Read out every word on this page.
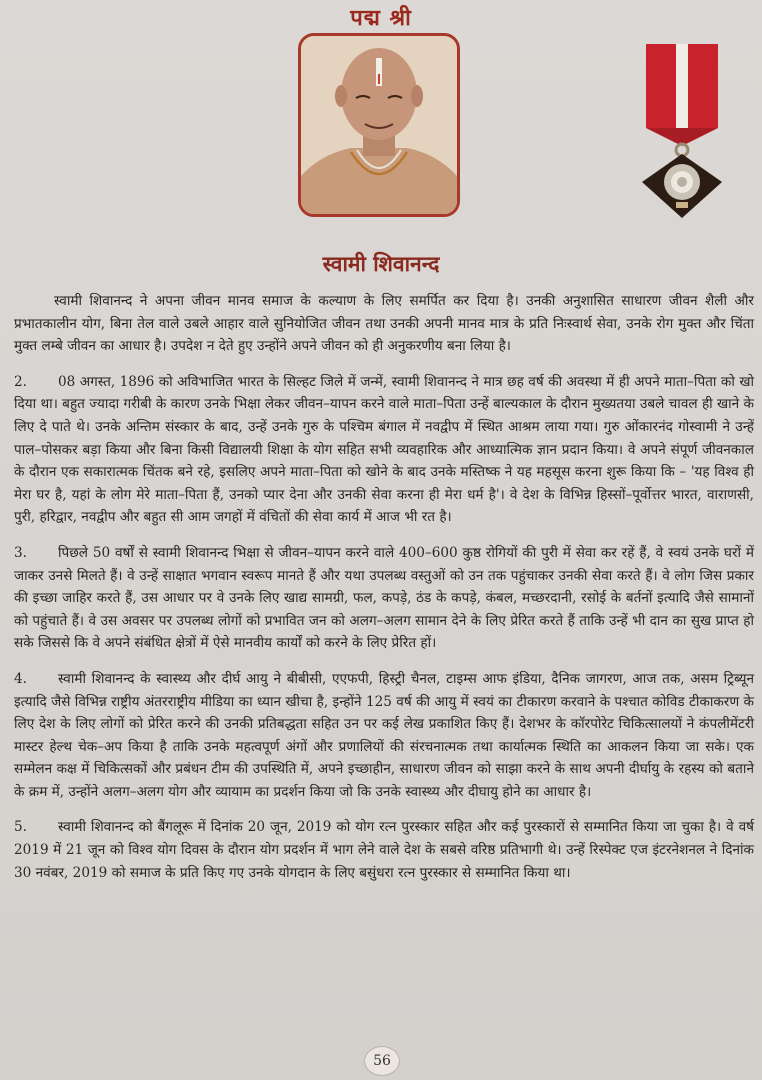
पद्म श्री
स्वामी शिवानन्द

स्वामी शिवानन्द ने अपना जीवन मानव समाज के कल्याण के लिए समर्पित कर दिया है। उनकी अनुशासित साधारण जीवन शैली और प्रभातकालीन योग, बिना तेल वाले उबले आहार वाले सुनियोजित जीवन तथा उनकी अपनी मानव मात्र के प्रति निःस्वार्थ सेवा, उनके रोग मुक्त और चिंता मुक्त लम्बे जीवन का आधार है। उपदेश न देते हुए उन्होंने अपने जीवन को ही अनुकरणीय बना लिया है।

2. 08 अगस्त, 1896 को अविभाजित भारत के सिल्हट जिले में जन्में, स्वामी शिवानन्द ने मात्र छह वर्ष की अवस्था में ही अपने माता–पिता को खो दिया था। बहुत ज्यादा गरीबी के कारण उनके भिक्षा लेकर जीवन–यापन करने वाले माता–पिता उन्हें बाल्यकाल के दौरान मुख्यतया उबले चावल ही खाने के लिए दे पाते थे। उनके अन्तिम संस्कार के बाद, उन्हें उनके गुरु के पश्चिम बंगाल में नवद्वीप में स्थित आश्रम लाया गया। गुरु ओंकारनंद गोस्वामी ने उन्हें पाल–पोसकर बड़ा किया और बिना किसी विद्यालयी शिक्षा के योग सहित सभी व्यवहारिक और आध्यात्मिक ज्ञान प्रदान किया। वे अपने संपूर्ण जीवनकाल के दौरान एक सकारात्मक चिंतक बने रहे, इसलिए अपने माता–पिता को खोने के बाद उनके मस्तिष्क ने यह महसूस करना शुरू किया कि – 'यह विश्व ही मेरा घर है, यहां के लोग मेरे माता–पिता हैं, उनको प्यार देना और उनकी सेवा करना ही मेरा धर्म है'। वे देश के विभिन्न हिस्सों–पूर्वोत्तर भारत, वाराणसी, पुरी, हरिद्वार, नवद्वीप और बहुत सी आम जगहों में वंचितों की सेवा कार्य में आज भी रत है।

3. पिछले 50 वर्षों से स्वामी शिवानन्द भिक्षा से जीवन–यापन करने वाले 400–600 कुष्ठ रोगियों की पुरी में सेवा कर रहें हैं, वे स्वयं उनके घरों में जाकर उनसे मिलते हैं। वे उन्हें साक्षात भगवान स्वरूप मानते हैं और यथा उपलब्ध वस्तुओं को उन तक पहुंचाकर उनकी सेवा करते हैं। वे लोग जिस प्रकार की इच्छा जाहिर करते हैं, उस आधार पर वे उनके लिए खाद्य सामग्री, फल, कपड़े, ठंड के कपड़े, कंबल, मच्छरदानी, रसोई के बर्तनों इत्यादि जैसे सामानों को पहुंचाते हैं। वे उस अवसर पर उपलब्ध लोगों को प्रभावित जन को अलग–अलग सामान देने के लिए प्रेरित करते हैं ताकि उन्हें भी दान का सुख प्राप्त हो सके जिससे कि वे अपने संबंधित क्षेत्रों में ऐसे मानवीय कार्यों को करने के लिए प्रेरित हों।

4. स्वामी शिवानन्द के स्वास्थ्य और दीर्घ आयु ने बीबीसी, एएफपी, हिस्ट्री चैनल, टाइम्स आफ इंडिया, दैनिक जागरण, आज तक, असम ट्रिब्यून इत्यादि जैसे विभिन्न राष्ट्रीय अंतरराष्ट्रीय मीडिया का ध्यान खीचा है, इन्होंने 125 वर्ष की आयु में स्वयं का टीकारण करवाने के पश्चात कोविड टीकाकरण के लिए देश के लिए लोगों को प्रेरित करने की उनकी प्रतिबद्धता सहित उन पर कई लेख प्रकाशित किए हैं। देशभर के कॉरपोरेट चिकित्सालयों ने कंपलीमेंटरी मास्टर हेल्थ चेक–अप किया है ताकि उनके महत्वपूर्ण अंगों और प्रणालियों की संरचनात्मक तथा कार्यात्मक स्थिति का आकलन किया जा सके। एक सम्मेलन कक्ष में चिकित्सकों और प्रबंधन टीम की उपस्थिति में, अपने इच्छाहीन, साधारण जीवन को साझा करने के साथ अपनी दीर्घायु के रहस्य को बताने के क्रम में, उन्होंने अलग–अलग योग और व्यायाम का प्रदर्शन किया जो कि उनके स्वास्थ्य और दीघायु होने का आधार है।

5. स्वामी शिवानन्द को बैंगलूरू में दिनांक 20 जून, 2019 को योग रत्न पुरस्कार सहित और कई पुरस्कारों से सम्मानित किया जा चुका है। वे वर्ष 2019 में 21 जून को विश्व योग दिवस के दौरान योग प्रदर्शन में भाग लेने वाले देश के सबसे वरिष्ठ प्रतिभागी थे। उन्हें रिस्पेक्ट एज इंटरनेशनल ने दिनांक 30 नवंबर, 2019 को समाज के प्रति किए गए उनके योगदान के लिए बसुंधरा रत्न पुरस्कार से सम्मानित किया था।

56
